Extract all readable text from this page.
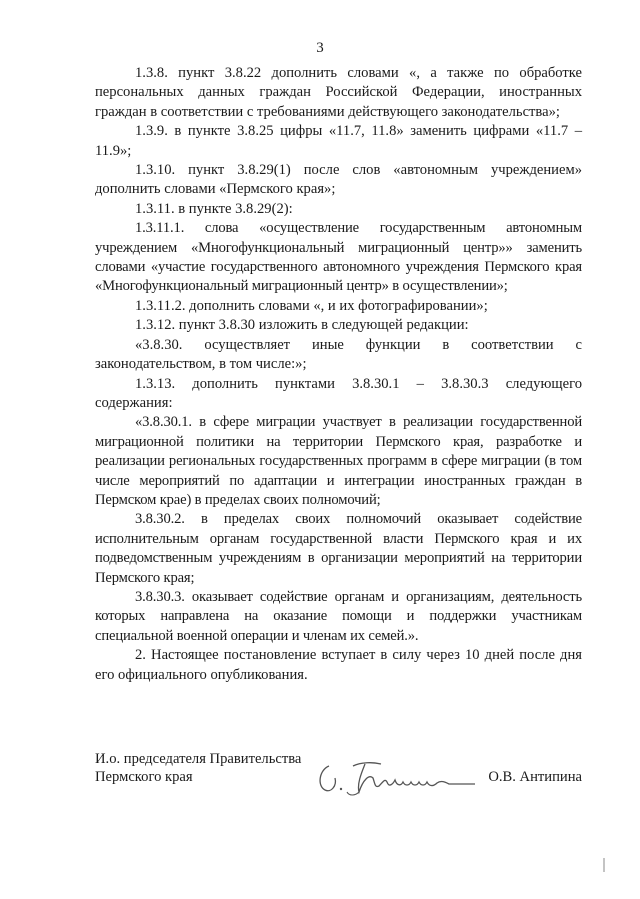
3

1.3.8. пункт 3.8.22 дополнить словами «, а также по обработке персональных данных граждан Российской Федерации, иностранных граждан в соответствии с требованиями действующего законодательства»;

1.3.9. в пункте 3.8.25 цифры «11.7, 11.8» заменить цифрами «11.7 – 11.9»;

1.3.10. пункт 3.8.29(1) после слов «автономным учреждением» дополнить словами «Пермского края»;

1.3.11. в пункте 3.8.29(2):

1.3.11.1. слова «осуществление государственным автономным учреждением «Многофункциональный миграционный центр»» заменить словами «участие государственного автономного учреждения Пермского края «Многофункциональный миграционный центр» в осуществлении»;

1.3.11.2. дополнить словами «, и их фотографировании»;

1.3.12. пункт 3.8.30 изложить в следующей редакции:

«3.8.30. осуществляет иные функции в соответствии с законодательством, в том числе:»;

1.3.13. дополнить пунктами 3.8.30.1 – 3.8.30.3 следующего содержания:

«3.8.30.1. в сфере миграции участвует в реализации государственной миграционной политики на территории Пермского края, разработке и реализации региональных государственных программ в сфере миграции (в том числе мероприятий по адаптации и интеграции иностранных граждан в Пермском крае) в пределах своих полномочий;

3.8.30.2. в пределах своих полномочий оказывает содействие исполнительным органам государственной власти Пермского края и их подведомственным учреждениям в организации мероприятий на территории Пермского края;

3.8.30.3. оказывает содействие органам и организациям, деятельность которых направлена на оказание помощи и поддержки участникам специальной военной операции и членам их семей.».

2. Настоящее постановление вступает в силу через 10 дней после дня его официального опубликования.

И.о. председателя Правительства Пермского края	О.В. Антипина
